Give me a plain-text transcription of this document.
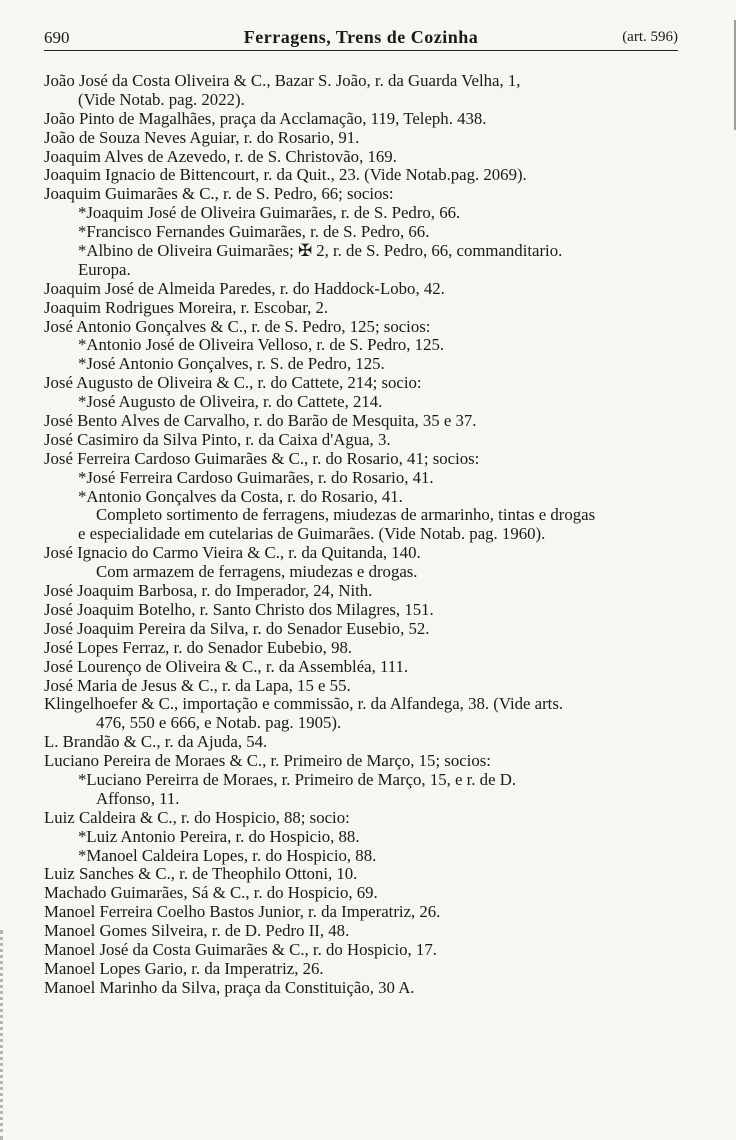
690	Ferragens, Trens de Cozinha	(art. 596)
João José da Costa Oliveira & C., Bazar S. João, r. da Guarda Velha, 1,
(Vide Notab. pag. 2022).
João Pinto de Magalhães, praça da Acclamação, 119, Teleph. 438.
João de Souza Neves Aguiar, r. do Rosario, 91.
Joaquim Alves de Azevedo, r. de S. Christovão, 169.
Joaquim Ignacio de Bittencourt, r. da Quit., 23. (Vide Notab.pag. 2069).
Joaquim Guimarães & C., r. de S. Pedro, 66; socios:
*Joaquim José de Oliveira Guimarães, r. de S. Pedro, 66.
*Francisco Fernandes Guimarães, r. de S. Pedro, 66.
*Albino de Oliveira Guimarães; ✠ 2, r. de S. Pedro, 66, commanditario.
Europa.
Joaquim José de Almeida Paredes, r. do Haddock-Lobo, 42.
Joaquim Rodrigues Moreira, r. Escobar, 2.
José Antonio Gonçalves & C., r. de S. Pedro, 125; socios:
*Antonio José de Oliveira Velloso, r. de S. Pedro, 125.
*José Antonio Gonçalves, r. S. de Pedro, 125.
José Augusto de Oliveira & C., r. do Cattete, 214; socio:
*José Augusto de Oliveira, r. do Cattete, 214.
José Bento Alves de Carvalho, r. do Barão de Mesquita, 35 e 37.
José Casimiro da Silva Pinto, r. da Caixa d'Agua, 3.
José Ferreira Cardoso Guimarães & C., r. do Rosario, 41; socios:
*José Ferreira Cardoso Guimarães, r. do Rosario, 41.
*Antonio Gonçalves da Costa, r. do Rosario, 41.
Completo sortimento de ferragens, miudezas de armarinho, tintas e drogas
e especialidade em cutelarias de Guimarães. (Vide Notab. pag. 1960).
José Ignacio do Carmo Vieira & C., r. da Quitanda, 140.
Com armazem de ferragens, miudezas e drogas.
José Joaquim Barbosa, r. do Imperador, 24, Nith.
José Joaquim Botelho, r. Santo Christo dos Milagres, 151.
José Joaquim Pereira da Silva, r. do Senador Eusebio, 52.
José Lopes Ferraz, r. do Senador Eubebio, 98.
José Lourenço de Oliveira & C., r. da Assembléa, 111.
José Maria de Jesus & C., r. da Lapa, 15 e 55.
Klingelhoefer & C., importação e commissão, r. da Alfandega, 38. (Vide arts.
476, 550 e 666, e Notab. pag. 1905).
L. Brandão & C., r. da Ajuda, 54.
Luciano Pereira de Moraes & C., r. Primeiro de Março, 15; socios:
*Luciano Pereirra de Moraes, r. Primeiro de Março, 15, e r. de D.
Affonso, 11.
Luiz Caldeira & C., r. do Hospicio, 88; socio:
*Luiz Antonio Pereira, r. do Hospicio, 88.
*Manoel Caldeira Lopes, r. do Hospicio, 88.
Luiz Sanches & C., r. de Theophilo Ottoni, 10.
Machado Guimarães, Sá & C., r. do Hospicio, 69.
Manoel Ferreira Coelho Bastos Junior, r. da Imperatriz, 26.
Manoel Gomes Silveira, r. de D. Pedro II, 48.
Manoel José da Costa Guimarães & C., r. do Hospicio, 17.
Manoel Lopes Gario, r. da Imperatriz, 26.
Manoel Marinho da Silva, praça da Constituição, 30 A.
